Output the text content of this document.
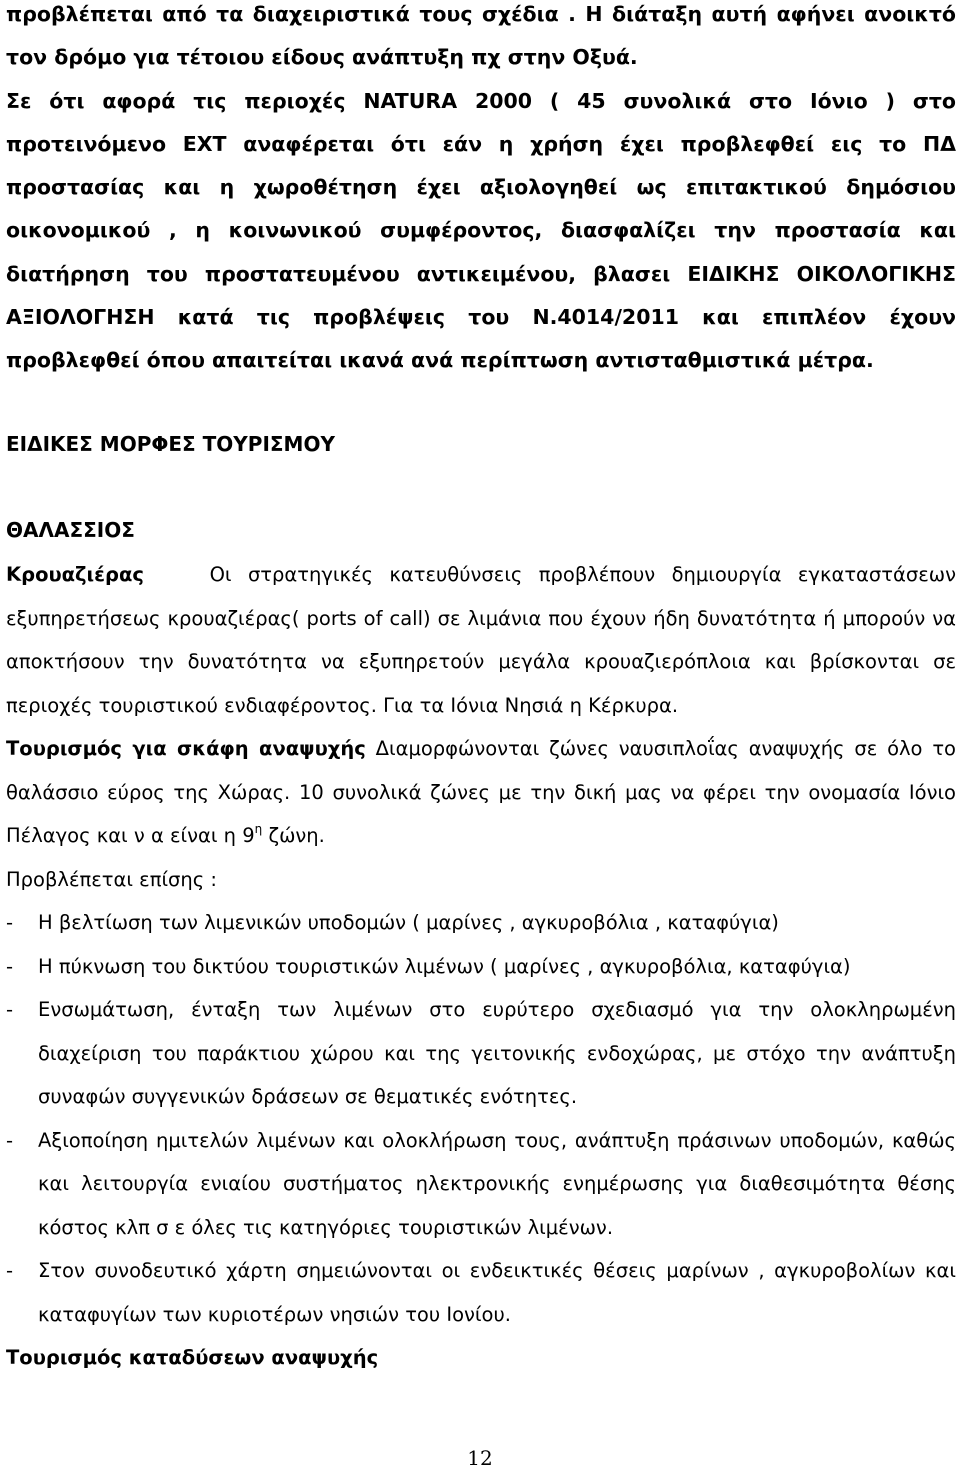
προβλέπεται από τα διαχειριστικά τους σχέδια . Η διάταξη αυτή αφήνει ανοικτό
τον δρόμο για τέτοιου είδους ανάπτυξη πχ στην Οξυά.
Σε ότι αφορά τις περιοχές NATURA 2000 ( 45 συνολικά στο Ιόνιο ) στο
προτεινόμενο ΕΧΤ αναφέρεται ότι εάν η χρήση έχει προβλεφθεί εις το ΠΔ
προστασίας και η χωροθέτηση έχει αξιολογηθεί ως επιτακτικού δημόσιου
οικονομικού , η κοινωνικού συμφέροντος, διασφαλίζει την προστασία και
διατήρηση του προστατευμένου αντικειμένου, βλασει ΕΙΔΙΚΗΣ ΟΙΚΟΛΟΓΙΚΗΣ
ΑΞΙΟΛΟΓΗΣΗ κατά τις προβλέψεις του Ν.4014/2011 και επιπλέον έχουν
προβλεφθεί όπου απαιτείται ικανά ανά περίπτωση αντισταθμιστικά μέτρα.
ΕΙΔΙΚΕΣ ΜΟΡΦΕΣ ΤΟΥΡΙΣΜΟΥ
ΘΑΛΑΣΣΙΟΣ

Κρουαζιέρας	Οι στρατηγικές κατευθύνσεις προβλέπουν δημιουργία εγκαταστάσεων εξυπηρετήσεως κρουαζιέρας( ports of call) σε λιμάνια που έχουν ήδη δυνατότητα ή μπορούν να αποκτήσουν την δυνατότητα να εξυπηρετούν μεγάλα κρουαζιερόπλοια και βρίσκονται σε περιοχές τουριστικού ενδιαφέροντος. Για τα Ιόνια Νησιά η Κέρκυρα.

Τουρισμός για σκάφη αναψυχής Διαμορφώνονται ζώνες ναυσιπλοΐας αναψυχής σε όλο το θαλάσσιο εύρος της Χώρας. 10 συνολικά ζώνες με την δική μας να φέρει την ονομασία Ιόνιο Πέλαγος και ν α είναι η $9^\eta$ ζώνη.

Προβλέπεται επίσης :

- Η βελτίωση των λιμενικών υποδομών ( μαρίνες , αγκυροβόλια , καταφύγια)
- Η πύκνωση του δικτύου τουριστικών λιμένων ( μαρίνες , αγκυροβόλια, καταφύγια)
- Ενσωμάτωση, ένταξη των λιμένων στο ευρύτερο σχεδιασμό για την ολοκληρωμένη διαχείριση του παράκτιου χώρου και της γειτονικής ενδοχώρας, με στόχο την ανάπτυξη συναφών συγγενικών δράσεων σε θεματικές ενότητες.
- Αξιοποίηση ημιτελών λιμένων και ολοκλήρωση τους, ανάπτυξη πράσινων υποδομών, καθώς και λειτουργία ενιαίου συστήματος ηλεκτρονικής ενημέρωσης για διαθεσιμότητα θέσης κόστος κλπ σ ε όλες τις κατηγόριες τουριστικών λιμένων.
- Στον συνοδευτικό χάρτη σημειώνονται οι ενδεικτικές θέσεις μαρίνων , αγκυροβολίων και καταφυγίων των κυριοτέρων νησιών του Ιονίου.

Τουρισμός καταδύσεων αναψυχής

12
